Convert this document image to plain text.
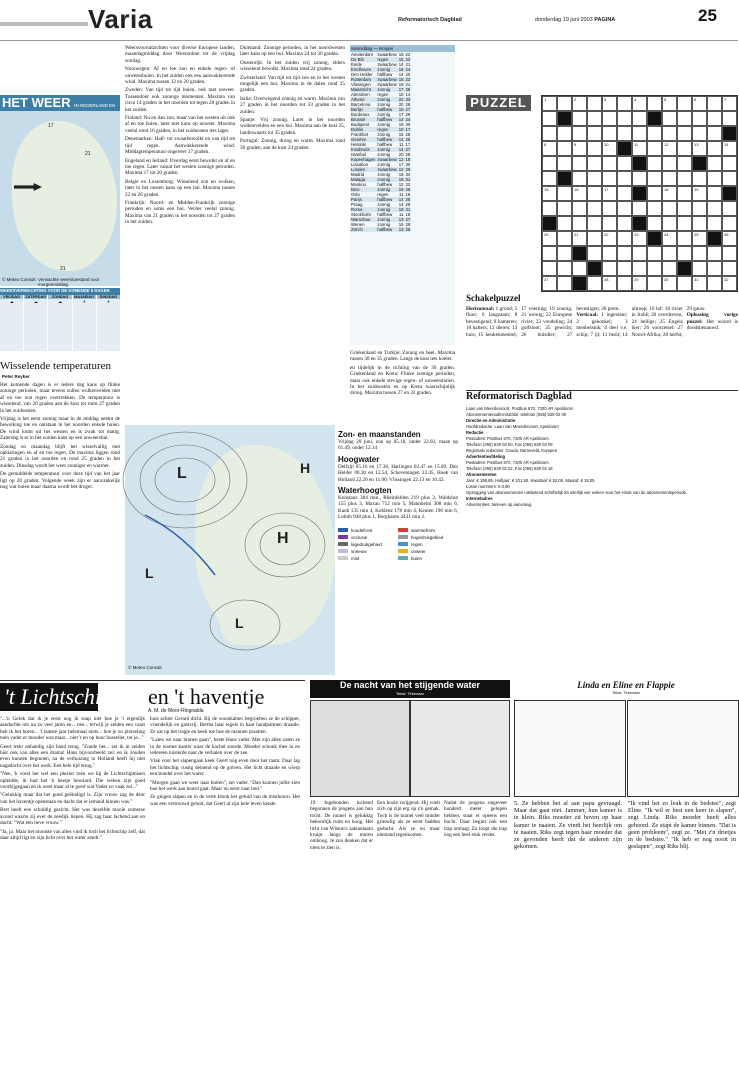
Varia	Reformatorisch Dagblad	donderdag 19 juni 2003 PAGINA	25
HET WEER IN NEDERLAND EN
17
21
21
© Meteo Consult Verwachte weerstoestand voor morgenmiddag
WEERSVERWACHTING VOOR DE KOMENDE 5 DAGEN
VRIJDAG
☁
ZATERDAG
☁
ZONDAG
☁
MAANDAG
☀
DINSDAG
☀
Wisselende temperaturen
Peter Reyber

Het komende dagen is er iedere dag kans op flinke zonnige perioden, maar tevens zullen wolkenvelden met af en toe wat regen overtrekken. De temperatuur is wisselend, van 20 graden aan de kust tot ruim 27 graden in het zuidoosten.

Vrijdag is het eerst zonnig maar in de middag neemt de bewolking toe en ontstaan in het noorden enkele buien. De wind komt uit het westen en is zwak tot matig. Zaterdag is er in het zuiden kans op een onweersbui.

Zondag en maandag blijft het wisselvallig met opklaringen en af en toe regen. De maxima liggen rond 21 graden in het noorden en rond 25 graden in het zuiden. Dinsdag wordt het weer zonniger en warmer.

De gemiddelde temperatuur voor deze tijd van het jaar ligt op 20 graden. Volgende week zijn er aanvankelijk nog wat buien maar daarna wordt het droger.

Weersvooruitzichten voor diverse Europese landen, maandagmiddag door Weeronline tot de vrijdag zondag.

Noorwegen: Af en toe zon en enkele regen- of onweersbuien. In het zuiden ook een aanwakkerende wind. Maxima tussen 12 en 20 graden.

Zweden: Van tijd tot tijd buien, ook met onweer. Tussendoor ook zonnige momenten. Maxima van circa 14 graden in het noorden tot tegen 20 graden in het zuiden.

Finland: Nu en dan zon, maar van het westen uit ook af en toe buien, later met kans op onweer. Maxima veelal rond 16 graden, in het zuidoosten iets lager.

Denemarken: Half- tot zwaarbewolkt en van tijd tot tijd regen. Aanwakkerende wind. Middagtemperatuur ongeveer 17 graden.

Engeland en Ierland: Overdag eerst bewolkt en af en toe regen. Later vanuit het westen zonnige perioden. Maxima 17 tot 20 graden.

Belgie en Luxemburg: Wisselend zon en wolken, later in het oosten kans op een bui. Maxima tussen 22 en 26 graden.

Frankrijk: Noord- en Midden-Frankrijk zonnige perioden en soms een bui. Verder veelal zonnig. Maxima van 21 graden in het noorden tot 27 graden in het zuiden.

Duitsland: Zonnige perioden, in het noordwesten later kans op een bui. Maxima 24 tot 30 graden.

Oostenrijk: In het zuiden vrij zonnig, elders wisselend bewolkt. Maxima rond 24 graden.

Zwitserland: Van tijd tot tijd zon en in het westen mogelijk een bui. Maxima in de dalen rond 25 graden.

Italie: Overwegend zonnig en warm. Maxima van 27 graden in het noorden tot 33 graden in het zuiden.

Spanje: Vrij zonnig. Later in het noorden wolkenvelden en een bui. Maxima aan de kust 25, landinwaarts tot 35 graden.

Portugal: Zonnig, droog en warm. Maxima rond 30 graden, aan de kust 24 graden.

vanmiddag — morgen
Amsterdam	zwaarbew	15	22
De Bilt	regen	15	22
Eelde	zwaarbew	14	21
Eindhoven	zonnig	16	24
Den Helder	halfbew	14	20
Rotterdam	zwaarbew	15	22
Vlissingen	zwaarbew	15	21
Maastricht	zonnig	17	25
Aberdeen	regen	10	14
Athene	zonnig	22	33
Barcelona	zonnig	20	28
Berlijn	halfbew	15	27
Bordeaux	zonnig	17	28
Brussel	halfbew	14	24
Budapest	zonnig	16	30
Dublin	regen	10	17
Frankfurt	zonnig	15	28
Genève	halfbew	14	26
Helsinki	halfbew	11	17
Innsbruck	zonnig	14	27
Istanbul	zonnig	20	28
Kopenhagen	zwaarbew	12	18
Lissabon	zonnig	17	30
Londen	zwaarbew	12	20
Madrid	zonnig	18	34
Malaga	zonnig	19	31
Moskou	halfbew	12	22
Nice	zonnig	19	26
Oslo	regen	11	16
Parijs	halfbew	14	25
Praag	zonnig	14	28
Rome	zonnig	18	31
Stockholm	halfbew	11	18
Warschau	zonnig	13	27
Wenen	zonnig	16	29
Zürich	halfbew	13	25

Griekenland en Turkije: Zonnig en heet. Maxima tussen 30 en 35 graden. Langs de kust iets koeler.

en tijdelijk in de richting van de 30 graden. Griekenland en Kreta: Flinke zonnige perioden, maar ook enkele stevige regen- of onweersbuien. In het zuidoosten en op Kreta waarschijnlijk droog. Maxima tussen 27 en 32 graden.

L
H
L
L
H
© Meteo Consult
Zon- en maanstanden
Vrijdag 20 juni, zon op 05.18, onder 22.03, maan op 01.49, onder 12.14
Hoogwater
Delfzijl 05.16 en 17.38, Harlingen 02.47 en 15.09, Den Helder 00.30 en 12.54, Scheveningen 23.45, Hoek van Holland 22.20 en 11.00, Vlissingen 22.13 en 10.42.
Waterhoogten
Konstanz 384 min., Rheinfelden 219 plus 3, Waldshut 155 plus 3, Maxau 712 min 5, Mannheim 308 min 6, Kaub 135 min 4, Koblenz 178 min 4, Keulen 196 min 6, Lobith 948 plus 1, Borgharen 4431 min 2.
koudefront	warmtefront
occlusie	hogedrukgebied
lagedrukgebied	regen
sneeuw	onweer
mist	buien
PUZZEL	1	2	3	4	5	6	7
8	9	10	11	12	13	14
15	16	17	18	19
20	21	22	23	24	25	26
27	28	29	30	31	32
Schakelpuzzel
Horizontaal: 1 grond; 5 fluor; 6 langzaam; 8 bevestigend; 9 hameren; 10 halters; 12 dieren; 13 huis; 15 keukenmeubel; 17 voertuig; 19 zonnig; 21 weinig; 22 Europese rivier; 23 vondeling; 24 golfstoot; 25 gewicht; 26 huisdier; 27 bevestigen; 28 prent.
Verticaal: 1 ingenieur; 2 gekonkel; 3 meubelstuk; 4 deel v.e. schip; 7 ijl; 11 bezit; 14 uitroep; 16 lof; 18 rivier in Italië; 20 overdreven; 24 heilige; 25 Engels bier; 26 voorzetsel; 27 Noord-Afrika; 28 herfst; 29 gauw.
Oplossing vorige puzzel: Het woord is doodsbenauwd.
Reformatorisch Dagblad
Laan van Meerdervoort, Postbus 670, 7300 AR Apeldoorn
Abonnementenadministratie: telefoon (055) 539 02 00
Directie en Administratie
Hoofdredactie: Laan van Meerdervoort, Apeldoorn
Redactie
Postadres: Postbus 670, 7300 AR Apeldoorn
Telefoon (055) 539 03 00, Fax (055) 539 03 09
Regionale redacties: Gouda, Barneveld, Kampen
Advertentieafdeling
Postadres: Postbus 670, 7300 AR Apeldoorn
Telefoon (055) 539 02 22, Fax (055) 539 02 18
Abonnementen
Jaar: € 198,85, Halfjaar: € 101,50, Kwartaal: € 52,05, Maand: € 18,05
Losse nummers: € 0,90
Opzegging van abonnementen uitsluitend schriftelijk tot uiterlijk vier weken voor het einde van de abonnementsperiode.
Internetadres
Advertenties: tarieven op aanvraag.
't Lichtschip en 't haventje
A. M. de Moor-Ringnalda

"...'n Gelok dat ik je eerst nog ik snap niet hoe je 't eigenlijk aandurfde om nu zo veel jaren en... nee... terwijl je zelden een vaart heb ik het horen... 't laatste jaar helemaal niets... hoe je zo plotseling toen vader er mooder was maar... niet 't en op huur hosseliet, tot je..."

Geert trekt onhandig zijn hand terug. "Zonde het... zei ik in zeiden hier ook van alles een drama! Hans bijvoorbeeld zei: en ik zouden even kunnen beginnen, na de verhuizing in Holland heeft hij niet nagedacht over het werk. Een hele tijd terug."

"Nee, 'k vond het wel een plezier toen we bij de Lichtschipmisen opleidde, ik had het 'n beetje bewaard. Die weken zijn goed voorbijgegaan en ik weet maar al te goed wat Vader zo vaak zei..."

"Gelukkig maar dat het goed geëindigd is. Zijn vrouw zag de deur van het haventje openstaan en dacht dat er iemand binnen was."

Bert heeft een schuldig gezicht. Het was dezelfde mooie zomerse avond waarin zij over de zeedijk liepen. Hij zag haar lachend aan en dacht: "Wat een lieve vrouw."

"Ja, ja. Maar het mooiste van alles vind ik toch het lichtschip zelf, dat daar altijd ligt en zijn licht over het water zendt."

huis achter Gerard dicht. Bij de woonkamer begroetten ze de schipper, vriendelijk en gastvrij. Bertha haar tegels in haar handpalmen draaide. Ze zat op het trapje en keek toe hoe de mannen praatten.

"Laten we naar binnen gaan", beste Hans vader. Met zijn allen zaten ze in de warme kamer waar de kachel snorde. Moeder schonk thee in en iedereen luisterde naar de verhalen over de zee.

Vlak voor het slapengaan keek Geert nog even door het raam. Daar lag het lichtschip, rustig deinend op de golven. Het licht draaide en wierp een bundel over het water.

"Morgen gaan we weer naar buiten", zei vader. "Dan kunnen jullie zien hoe het werk aan boord gaat. Maar nu eerst naar bed."

Ze gingen slapen en in de verte klonk het geluid van de misthoorn. Het was een vertrouwd geluid, dat Geert al zijn hele leven kende.

De nacht van het stijgende water
Tekst: Tekenaar
19. Ingebonden luchend begonnen de jongens aan hun tocht. De tunnel is gelukkig behoorlijk ruim en hoog. Het licht van Wiston's zaklantaarn kruipt langs de muren omhoog. Je zou denken dat er niets te zien is.
Een kozle zwijgend. Hij voelt zich op zijn erg op z'n gemak. Toch is de tunnel veel minder griezelig als ze eerst hadden gedacht. Als ze nu maar niemand tegenkomen.
Nadat de jongens ongeveer honderd meter gelopen hebben, staat er opeens een bocht. Daar begint ook een trap omlaag. Zo loopt die trap nog een heel stuk verder.
Linda en Eline en Flappie
Tekst: Tekenaar
5. Ze hebben het al aan papa gevraagd. Maar dat gaat niet. Jammer, hun kamer is te klein. Riks moeder zit boven op haar kamer te naaien. Ze vindt het heerlijk om te naaien. Riks zegt tegen haar moeder dat ze gevonden heeft dat de anderen zijn gekomen.
"Ik vind het zo leuk in de bedstee", zegt Eline. "Ik wil er best een keer in slapen", zegt Linda. Riks moeder heeft alles gehoord. Ze stapt de kamer binnen. "Dat is geen probleem", zegt ze. "Met z'n drietjes in de bedstee." "Ik heb er nog nooit in geslapen", zegt Riks blij.
